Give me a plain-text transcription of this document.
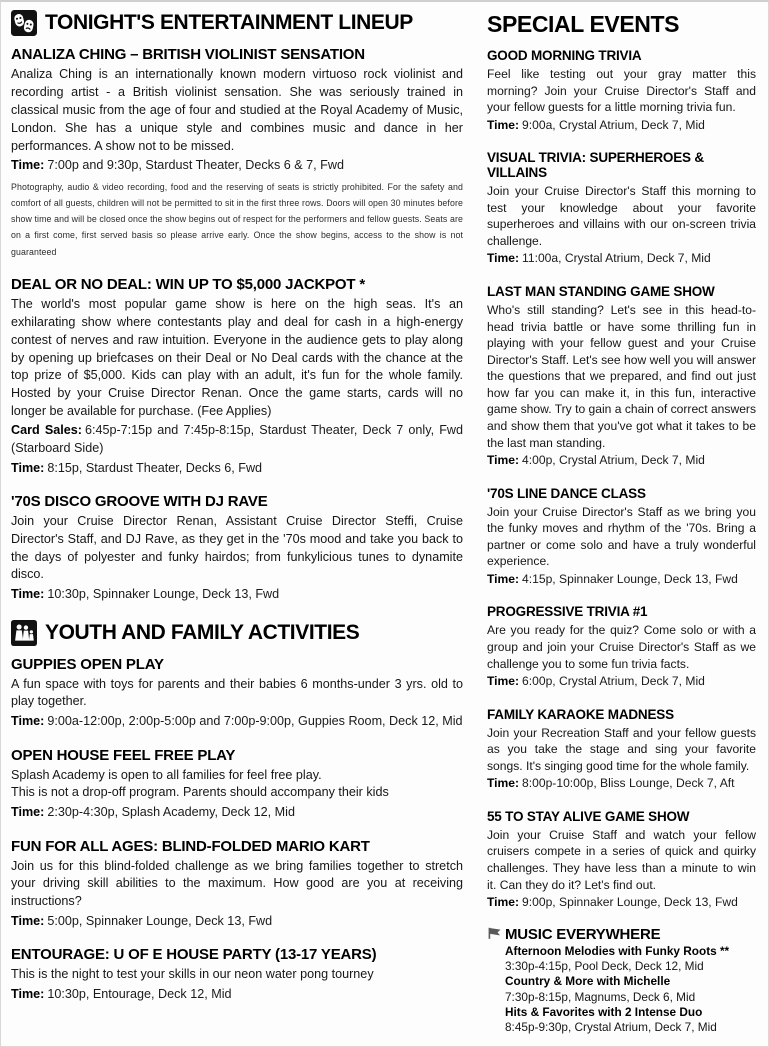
TONIGHT'S ENTERTAINMENT LINEUP
ANALIZA CHING – BRITISH VIOLINIST SENSATION

Analiza Ching is an internationally known modern virtuoso rock violinist and recording artist - a British violinist sensation. She was seriously trained in classical music from the age of four and studied at the Royal Academy of Music, London. She has a unique style and combines music and dance in her performances. A show not to be missed.

Time: 7:00p and 9:30p, Stardust Theater, Decks 6 & 7, Fwd

Photography, audio & video recording, food and the reserving of seats is strictly prohibited. For the safety and comfort of all guests, children will not be permitted to sit in the first three rows. Doors will open 30 minutes before show time and will be closed once the show begins out of respect for the performers and fellow guests. Seats are on a first come, first served basis so please arrive early. Once the show begins, access to the show is not guaranteed

DEAL OR NO DEAL: WIN UP TO $5,000 JACKPOT *

The world's most popular game show is here on the high seas. It's an exhilarating show where contestants play and deal for cash in a high-energy contest of nerves and raw intuition. Everyone in the audience gets to play along by opening up briefcases on their Deal or No Deal cards with the chance at the top prize of $5,000. Kids can play with an adult, it's fun for the whole family. Hosted by your Cruise Director Renan. Once the game starts, cards will no longer be available for purchase. (Fee Applies)

Card Sales: 6:45p-7:15p and 7:45p-8:15p, Stardust Theater, Deck 7 only, Fwd (Starboard Side)

Time: 8:15p, Stardust Theater, Decks 6, Fwd

'70S DISCO GROOVE WITH DJ RAVE

Join your Cruise Director Renan, Assistant Cruise Director Steffi, Cruise Director's Staff, and DJ Rave, as they get in the '70s mood and take you back to the days of polyester and funky hairdos; from funkylicious tunes to dynamite disco.

Time: 10:30p, Spinnaker Lounge, Deck 13, Fwd

YOUTH AND FAMILY ACTIVITIES
GUPPIES OPEN PLAY

A fun space with toys for parents and their babies 6 months-under 3 yrs. old to play together.

Time: 9:00a-12:00p, 2:00p-5:00p and 7:00p-9:00p, Guppies Room, Deck 12, Mid

OPEN HOUSE FEEL FREE PLAY

Splash Academy is open to all families for feel free play.

This is not a drop-off program. Parents should accompany their kids

Time: 2:30p-4:30p, Splash Academy, Deck 12, Mid

FUN FOR ALL AGES: BLIND-FOLDED MARIO KART

Join us for this blind-folded challenge as we bring families together to stretch your driving skill abilities to the maximum. How good are you at receiving instructions?

Time: 5:00p, Spinnaker Lounge, Deck 13, Fwd

ENTOURAGE: U OF E HOUSE PARTY (13-17 YEARS)

This is the night to test your skills in our neon water pong tourney

Time: 10:30p, Entourage, Deck 12, Mid

SPECIAL EVENTS
GOOD MORNING TRIVIA

Feel like testing out your gray matter this morning? Join your Cruise Director's Staff and your fellow guests for a little morning trivia fun.

Time: 9:00a, Crystal Atrium, Deck 7, Mid

VISUAL TRIVIA: SUPERHEROES & VILLAINS

Join your Cruise Director's Staff this morning to test your knowledge about your favorite superheroes and villains with our on-screen trivia challenge.

Time: 11:00a, Crystal Atrium, Deck 7, Mid

LAST MAN STANDING GAME SHOW

Who's still standing? Let's see in this head-to-head trivia battle or have some thrilling fun in playing with your fellow guest and your Cruise Director's Staff. Let's see how well you will answer the questions that we prepared, and find out just how far you can make it, in this fun, interactive game show. Try to gain a chain of correct answers and show them that you've got what it takes to be the last man standing.

Time: 4:00p, Crystal Atrium, Deck 7, Mid

'70S LINE DANCE CLASS

Join your Cruise Director's Staff as we bring you the funky moves and rhythm of the '70s. Bring a partner or come solo and have a truly wonderful experience.

Time: 4:15p, Spinnaker Lounge, Deck 13, Fwd

PROGRESSIVE TRIVIA #1

Are you ready for the quiz? Come solo or with a group and join your Cruise Director's Staff as we challenge you to some fun trivia facts.

Time: 6:00p, Crystal Atrium, Deck 7, Mid

FAMILY KARAOKE MADNESS

Join your Recreation Staff and your fellow guests as you take the stage and sing your favorite songs. It's singing good time for the whole family.

Time: 8:00p-10:00p, Bliss Lounge, Deck 7, Aft

55 TO STAY ALIVE GAME SHOW

Join your Cruise Staff and watch your fellow cruisers compete in a series of quick and quirky challenges. They have less than a minute to win it. Can they do it? Let's find out.

Time: 9:00p, Spinnaker Lounge, Deck 13, Fwd

MUSIC EVERYWHERE
Afternoon Melodies with Funky Roots **
3:30p-4:15p, Pool Deck, Deck 12, Mid
Country & More with Michelle
7:30p-8:15p, Magnums, Deck 6, Mid
Hits & Favorites with 2 Intense Duo
8:45p-9:30p, Crystal Atrium, Deck 7, Mid
